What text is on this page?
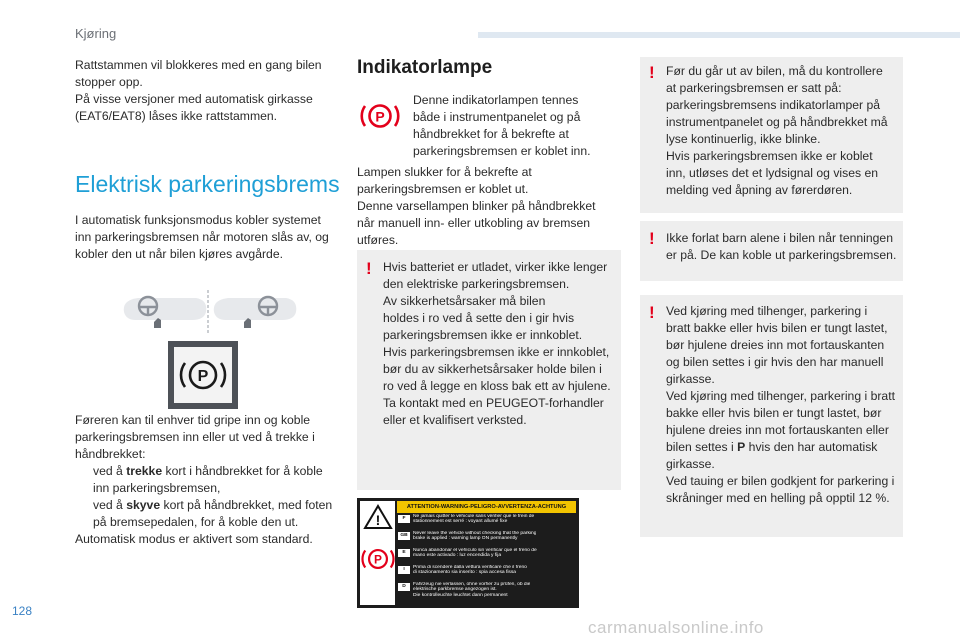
Kjøring

Rattstammen vil blokkeres med en gang bilen

stopper opp.

På visse versjoner med automatisk girkasse

(EAT6/EAT8) låses ikke rattstammen.

Elektrisk parkeringsbrems

I automatisk funksjonsmodus kobler systemet

inn parkeringsbremsen når motoren slås av, og

kobler den ut når bilen kjøres avgårde.

P

Føreren kan til enhver tid gripe inn og koble

parkeringsbremsen inn eller ut ved å trekke i

håndbrekket:

ved å trekke kort i håndbrekket for å koble

inn parkeringsbremsen,

ved å skyve kort på håndbrekket, med foten

på bremsepedalen, for å koble den ut.

Automatisk modus er aktivert som standard.

Indikatorlampe
P

Denne indikatorlampen tennes

både i instrumentpanelet og på

håndbrekket for å bekrefte at

parkeringsbremsen er koblet inn.

Lampen slukker for å bekrefte at

parkeringsbremsen er koblet ut.

Denne varsellampen blinker på håndbrekket

når manuell inn- eller utkobling av bremsen

utføres.

! Hvis batteriet er utladet, virker ikke lenger

den elektriske parkeringsbremsen.

Av sikkerhetsårsaker må bilen

holdes i ro ved å sette den i gir hvis

parkeringsbremsen ikke er innkoblet.

Hvis parkeringsbremsen ikke er innkoblet,

bør du av sikkerhetsårsaker holde bilen i

ro ved å legge en kloss bak ett av hjulene.

Ta kontakt med en PEUGEOT-forhandler

eller et kvalifisert verksted.

ATTENTION-WARNING-PELIGRO-AVVERTENZA-ACHTUNG
!
P
F	Ne jamais quitter le véhicule sans vérifier que le frein de
stationnement est serré : voyant allumé fixe
GB	Never leave the vehicle without checking that the parking
brake is applied : warning lamp ON permanently
E	Nunca abandonar el vehículo sin verificar que el freno de
mano este activado : luz encendida y fija
I	Prima di scendere dalla vettura verificare che il freno
di stazionamento sia inserito : spia accesa fissa
D	Fahrzeug nie verlassen, ohne vorher zu prüfen, ob die
elektrische parkbremse angezogen ist.
Die kontrolleuchte leuchtet dann permanent
! Før du går ut av bilen, må du kontrollere

at parkeringsbremsen er satt på:

parkeringsbremsens indikatorlamper på

instrumentpanelet og på håndbrekket må

lyse kontinuerlig, ikke blinke.

Hvis parkeringsbremsen ikke er koblet

inn, utløses det et lydsignal og vises en

melding ved åpning av førerdøren.

! Ikke forlat barn alene i bilen når tenningen

er på. De kan koble ut parkeringsbremsen.

! Ved kjøring med tilhenger, parkering i

bratt bakke eller hvis bilen er tungt lastet,

bør hjulene dreies inn mot fortauskanten

og bilen settes i gir hvis den har manuell

girkasse.

Ved kjøring med tilhenger, parkering i bratt

bakke eller hvis bilen er tungt lastet, bør

hjulene dreies inn mot fortauskanten eller

bilen settes i P hvis den har automatisk

girkasse.

Ved tauing er bilen godkjent for parkering i

skråninger med en helling på opptil 12 %.

128
carmanualsonline.info
